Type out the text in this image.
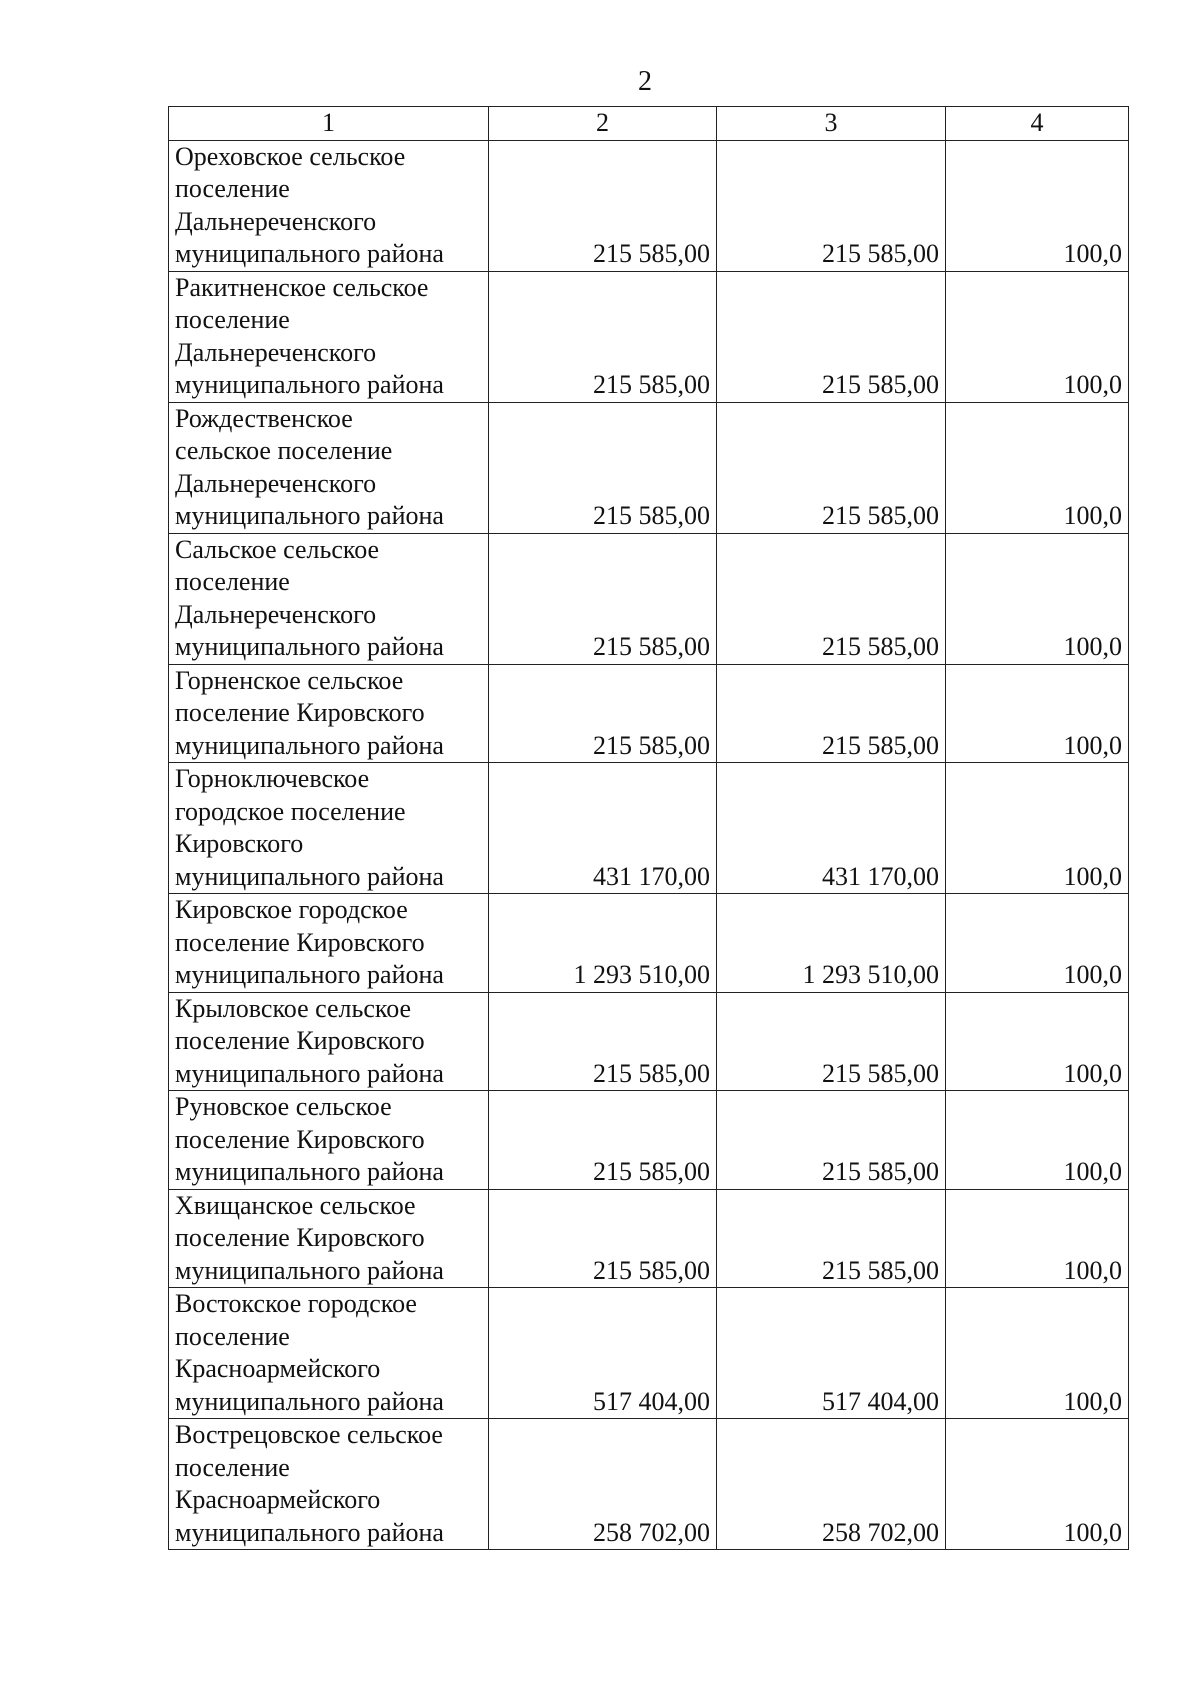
2
1	2	3	4
Ореховское сельское
поселение
Дальнереченского
муниципального района	215 585,00	215 585,00	100,0
Ракитненское сельское
поселение
Дальнереченского
муниципального района	215 585,00	215 585,00	100,0
Рождественское
сельское поселение
Дальнереченского
муниципального района	215 585,00	215 585,00	100,0
Сальское сельское
поселение
Дальнереченского
муниципального района	215 585,00	215 585,00	100,0
Горненское сельское
поселение Кировского
муниципального района	215 585,00	215 585,00	100,0
Горноключевское
городское поселение
Кировского
муниципального района	431 170,00	431 170,00	100,0
Кировское городское
поселение Кировского
муниципального района	1 293 510,00	1 293 510,00	100,0
Крыловское сельское
поселение Кировского
муниципального района	215 585,00	215 585,00	100,0
Руновское сельское
поселение Кировского
муниципального района	215 585,00	215 585,00	100,0
Хвищанское сельское
поселение Кировского
муниципального района	215 585,00	215 585,00	100,0
Востокское городское
поселение
Красноармейского
муниципального района	517 404,00	517 404,00	100,0
Вострецовское сельское
поселение
Красноармейского
муниципального района	258 702,00	258 702,00	100,0
